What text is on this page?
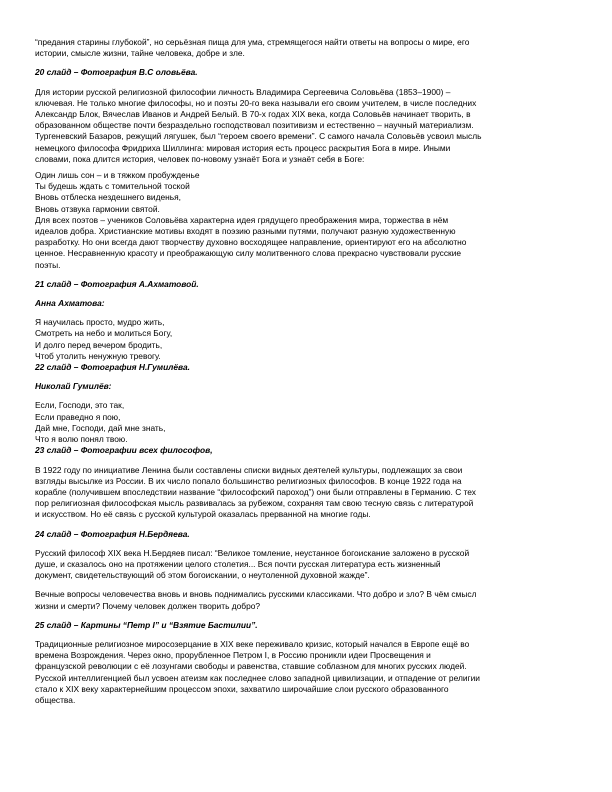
“предания старины глубокой”, но серьёзная пища для ума, стремящегося найти ответы на вопросы о мире, его
истории, смысле жизни, тайне человека, добре и зле.
20 слайд – Фотография В.С оловьёва.
Для истории русской религиозной философии личность Владимира Сергеевича Соловьёва (1853–1900) –
ключевая. Не только многие философы, но и поэты 20-го века называли его своим учителем, в числе последних
Александр Блок, Вячеслав Иванов и Андрей Белый. В 70-х годах XIX века, когда Соловьёв начинает творить, в
образованном обществе почти безраздельно господствовал позитивизм и естественно – научный материализм.
Тургеневский Базаров, режущий лягушек, был “героем своего времени”. С самого начала Соловьёв усвоил мысль
немецкого философа Фридриха Шиллинга: мировая история есть процесс раскрытия Бога в мире. Иными
словами, пока длится история, человек по-новому узнаёт Бога и узнаёт себя в Боге:
Один лишь сон – и в тяжком пробужденье
Ты будешь ждать с томительной тоской
Вновь отблеска нездешнего виденья,
Вновь отзвука гармонии святой.
Для всех поэтов – учеников Соловьёва характерна идея грядущего преображения мира, торжества в нём
идеалов добра. Христианские мотивы входят в поэзию разными путями, получают разную художественную
разработку. Но они всегда дают творчеству духовно восходящее направление, ориентируют его на абсолютно
ценное. Несравненную красоту и преображающую силу молитвенного слова прекрасно чувствовали русские
поэты.
21 слайд – Фотография А.Ахматовой.
Анна Ахматова:
Я научилась просто, мудро жить,
Смотреть на небо и молиться Богу,
И долго перед вечером бродить,
Чтоб утолить ненужную тревогу.
22 слайд – Фотография Н.Гумилёва.
Николай Гумилёв:
Если, Господи, это так,
Если праведно я пою,
Дай мне, Господи, дай мне знать,
Что я волю понял твою.
23 слайд – Фотографии всех философов,
В 1922 году по инициативе Ленина были составлены списки видных деятелей культуры, подлежащих за свои
взгляды высылке из России. В их число попало большинство религиозных философов. В конце 1922 года на
корабле (получившем впоследствии название “философский пароход”) они были отправлены в Германию. С тех
пор религиозная философская мысль развивалась за рубежом, сохраняя там свою тесную связь с литературой
и искусством. Но её связь с русской культурой оказалась прерванной на многие годы.
24 слайд – Фотография Н.Бердяева.
Русский философ XIX века Н.Бердяев писал: “Великое томление, неустанное богоискание заложено в русской
душе, и сказалось оно на протяжении целого столетия... Вся почти русская литература есть жизненный
документ, свидетельствующий об этом богоискании, о неутоленной духовной жажде”.
Вечные вопросы человечества вновь и вновь поднимались русскими классиками. Что добро и зло? В чём смысл
жизни и смерти? Почему человек должен творить добро?
25 слайд – Картины “Петр I” и “Взятие Бастилии”.
Традиционные религиозное миросозерцание в XIX веке переживало кризис, который начался в Европе ещё во
времена Возрождения. Через окно, прорубленное Петром I, в Россию проникли идеи Просвещения и
французской революции с её лозунгами свободы и равенства, ставшие соблазном для многих русских людей.
Русской интеллигенцией был усвоен атеизм как последнее слово западной цивилизации, и отпадение от религии
стало к XIX веку характернейшим процессом эпохи, захватило широчайшие слои русского образованного
общества.
